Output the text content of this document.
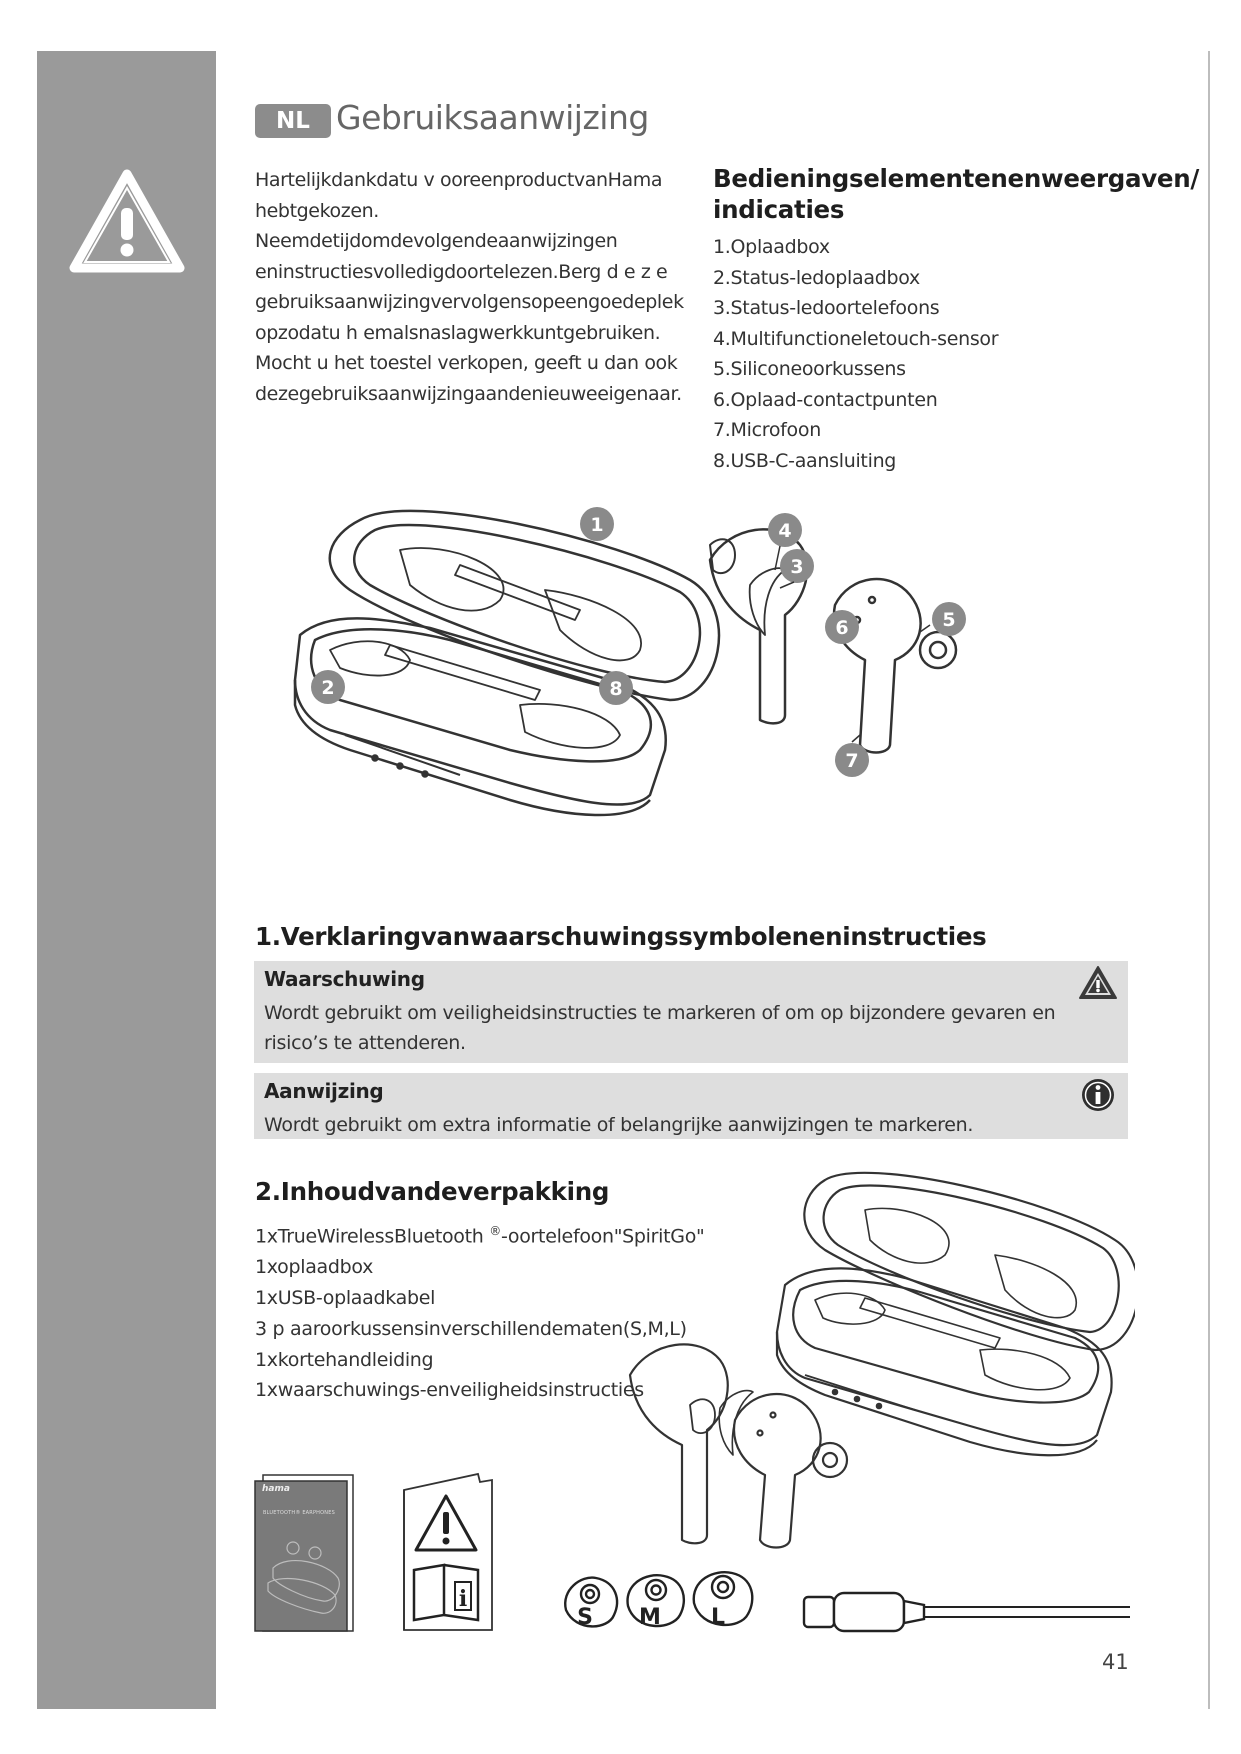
NL Gebruiksaanwijzing
Hartelijkdankdatu v ooreenproductvanHama
hebtgekozen.
Neemdetijdomdevolgendeaanwijzingen
eninstructiesvolledigdoortelezen.Berg d e z e
gebruiksaanwijzingvervolgensopeengoedeplek
opzodatu h emalsnaslagwerkkuntgebruiken.
Mocht u het toestel verkopen, geeft u dan ook
dezegebruiksaanwijzingaandenieuweeigenaar.
Bedieningselementenenweergaven/
indicaties
1.Oplaadbox
2.Status-ledoplaadbox
3.Status-ledoortelefoons
4.Multifunctioneletouch-sensor
5.Siliconeoorkussens
6.Oplaad-contactpunten
7.Microfoon
8.USB-C-aansluiting
1
2
3
4
5
6
7
8
1.Verklaringvanwaarschuwingssymboleneninstructies
Waarschuwing
Wordt gebruikt om veiligheidsinstructies te markeren of om op bijzondere gevaren en risico’s te attenderen.
Aanwijzing
Wordt gebruikt om extra informatie of belangrijke aanwijzingen te markeren.
2.Inhoudvandeverpakking
1xTrueWirelessBluetooth ®-oortelefoon"SpiritGo"
1xoplaadbox
1xUSB-oplaadkabel
3 p aaroorkussensinverschillendematen(S,M,L)
1xkortehandleiding
1xwaarschuwings-enveiligheidsinstructies
hama
BLUETOOTH® EARPHONES
i
S	M	L
41
